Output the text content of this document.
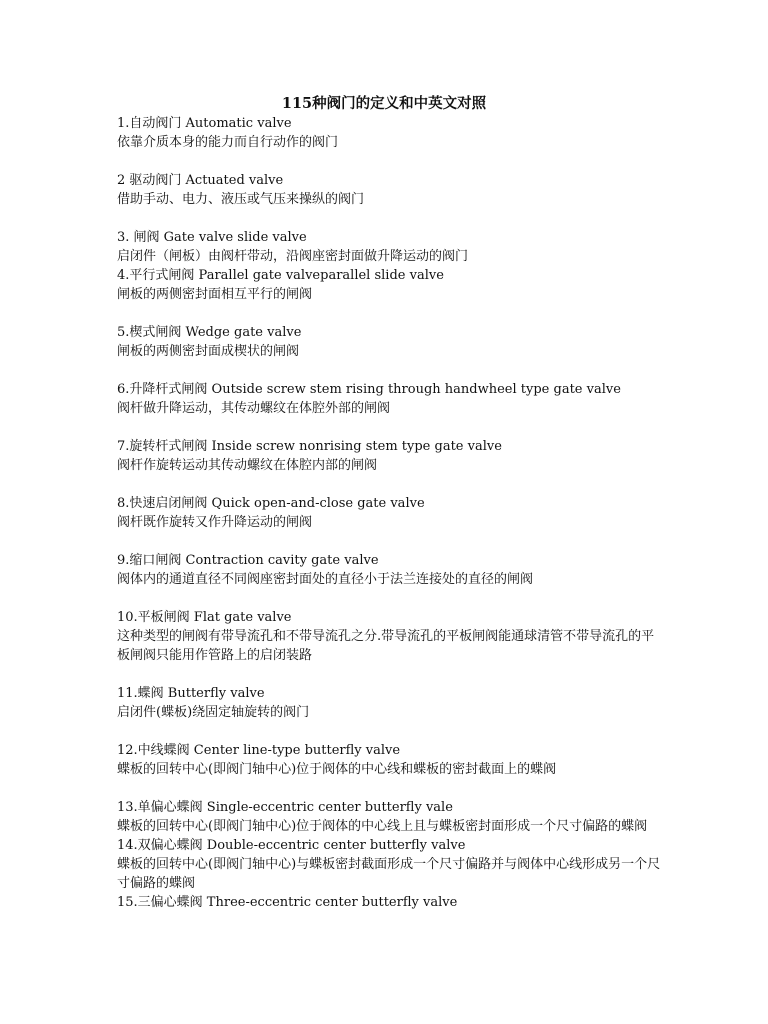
115种阀门的定义和中英文对照
1.自动阀门 Automatic valve
依靠介质本身的能力而自行动作的阀门
2 驱动阀门 Actuated valve
借助手动、电力、液压或气压来操纵的阀门
3. 闸阀 Gate valve slide valve
启闭件（闸板）由阀杆带动，沿阀座密封面做升降运动的阀门
4.平行式闸阀 Parallel gate valveparallel slide valve
闸板的两侧密封面相互平行的闸阀
5.楔式闸阀 Wedge gate valve
闸板的两侧密封面成楔状的闸阀
6.升降杆式闸阀 Outside screw stem rising through handwheel type gate valve
阀杆做升降运动，其传动螺纹在体腔外部的闸阀
7.旋转杆式闸阀 Inside screw nonrising stem type gate valve
阀杆作旋转运动其传动螺纹在体腔内部的闸阀
8.快速启闭闸阀 Quick open-and-close gate valve
阀杆既作旋转又作升降运动的闸阀
9.缩口闸阀 Contraction cavity gate valve
阀体内的通道直径不同阀座密封面处的直径小于法兰连接处的直径的闸阀
10.平板闸阀 Flat gate valve
这种类型的闸阀有带导流孔和不带导流孔之分.带导流孔的平板闸阀能通球清管不带导流孔的平板闸阀只能用作管路上的启闭装路
11.蝶阀 Butterfly valve
启闭件(蝶板)绕固定轴旋转的阀门
12.中线蝶阀 Center line-type butterfly valve
蝶板的回转中心(即阀门轴中心)位于阀体的中心线和蝶板的密封截面上的蝶阀
13.单偏心蝶阀 Single-eccentric center butterfly vale
蝶板的回转中心(即阀门轴中心)位于阀体的中心线上且与蝶板密封面形成一个尺寸偏路的蝶阀
14.双偏心蝶阀 Double-eccentric center butterfly valve
蝶板的回转中心(即阀门轴中心)与蝶板密封截面形成一个尺寸偏路并与阀体中心线形成另一个尺寸偏路的蝶阀
15.三偏心蝶阀 Three-eccentric center butterfly valve
